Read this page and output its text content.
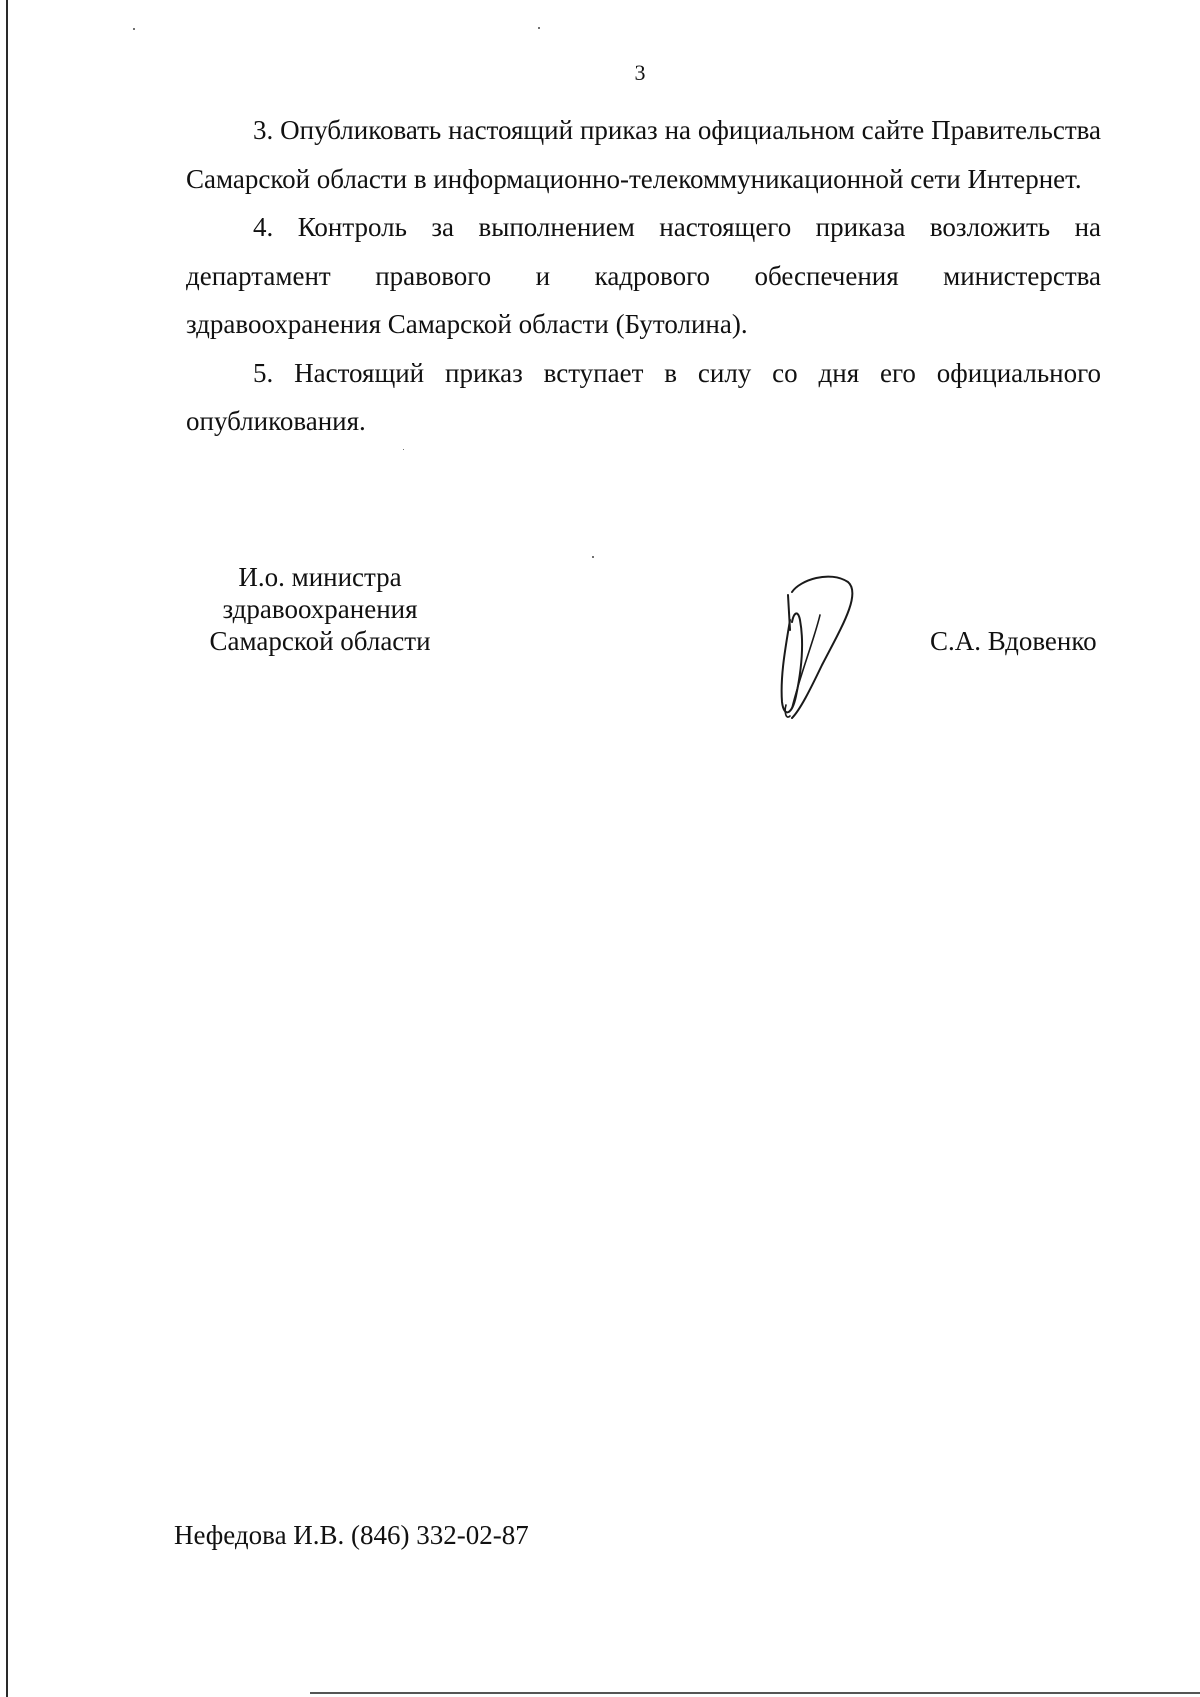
3

3. Опубликовать настоящий приказ на официальном сайте Правительства Самарской области в информационно-телекоммуникационной сети Интернет.

4. Контроль за выполнением настоящего приказа возложить на департамент правового и кадрового обеспечения министерства здравоохранения Самарской области (Бутолина).

5. Настоящий приказ вступает в силу со дня его официального опубликования.

И.о. министра
здравоохранения
Самарской области	С.А. Вдовенко
Нефедова И.В. (846) 332-02-87
